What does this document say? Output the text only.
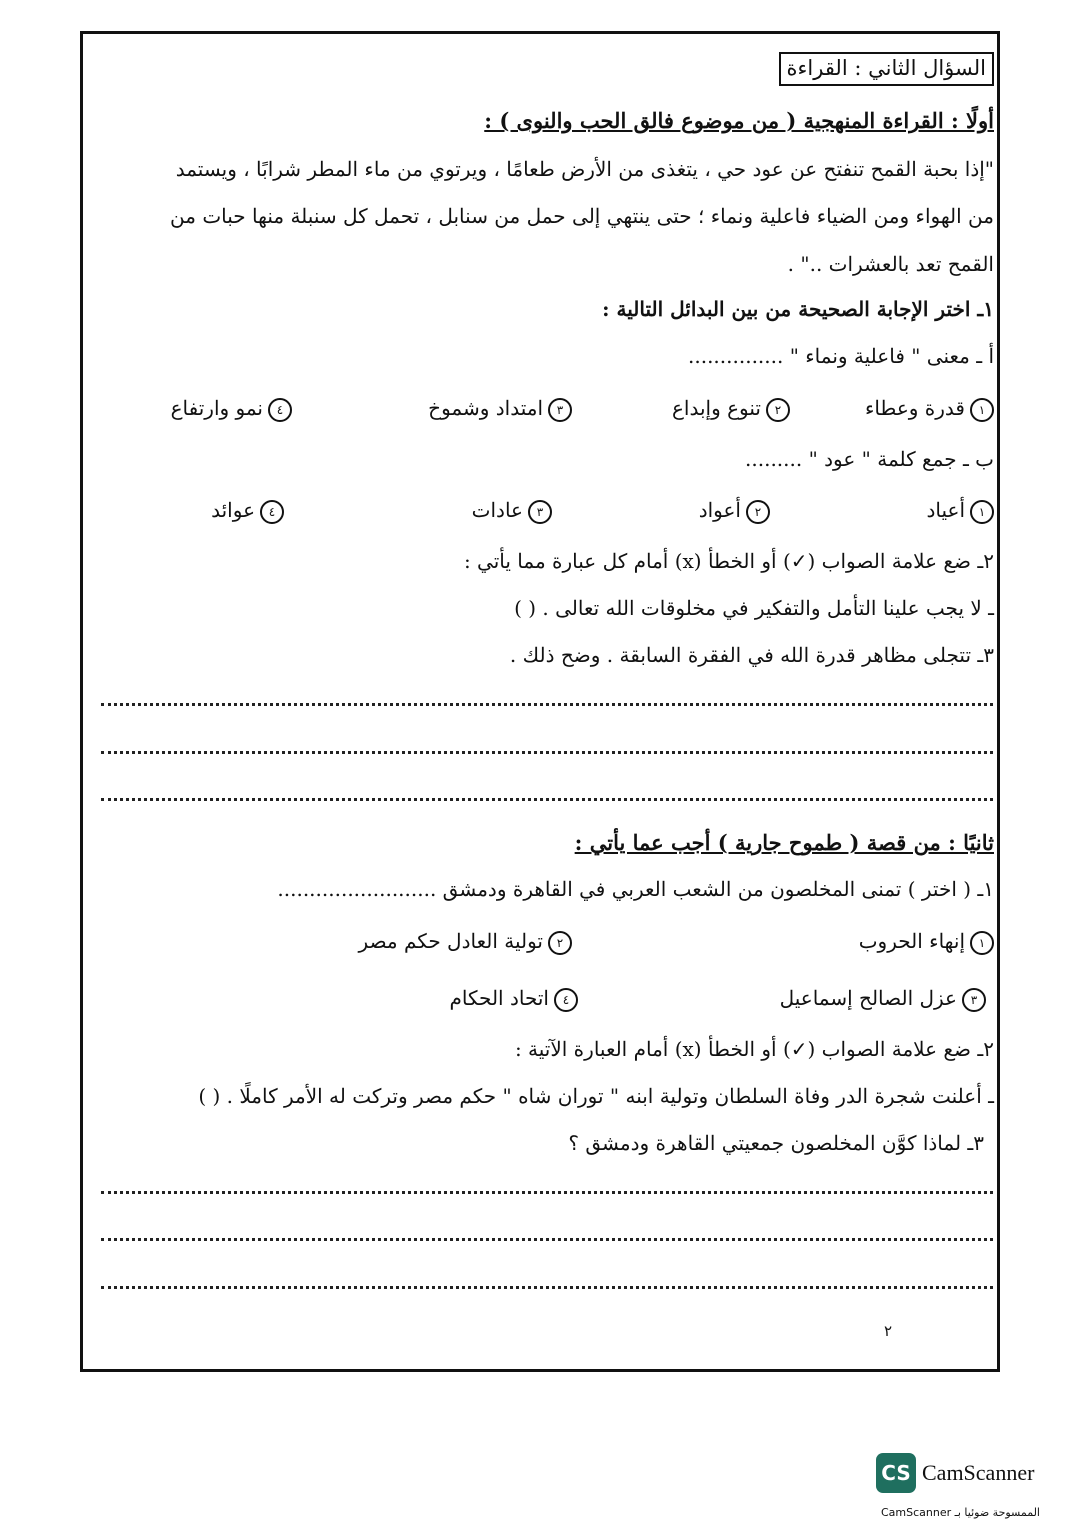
السؤال الثاني : القراءة
أولًا : القراءة المنهجية ( من موضوع فالق الحب والنوى ) :
"إذا بحبة القمح تنفتح عن عود حي ، يتغذى من الأرض طعامًا ، ويرتوي من ماء المطر شرابًا ، ويستمد
من الهواء ومن الضياء فاعلية ونماء ؛ حتى ينتهي إلى حمل من سنابل ، تحمل كل سنبلة منها حبات من
القمح تعد بالعشرات .." .
١ـ اختر الإجابة الصحيحة من بين البدائل التالية :
أ ـ معنى " فاعلية ونماء " ...............
١قدرة وعطاء
٢تنوع وإبداع
٣امتداد وشموخ
٤نمو وارتفاع
ب ـ جمع كلمة " عود " .........
١أعياد
٢أعواد
٣عادات
٤عوائد
٢ـ ضع علامة الصواب (✓) أو الخطأ (x) أمام كل عبارة مما يأتي :
ـ لا يجب علينا التأمل والتفكير في مخلوقات الله تعالى . ( )
٣ـ تتجلى مظاهر قدرة الله في الفقرة السابقة . وضح ذلك .
ثانيًا : من قصة ( طموح جارية ) أجب عما يأتي :
١ـ ( اختر ) تمنى المخلصون من الشعب العربي في القاهرة ودمشق .........................
١إنهاء الحروب
٢تولية العادل حكم مصر
٣عزل الصالح إسماعيل
٤اتحاد الحكام
٢ـ ضع علامة الصواب (✓) أو الخطأ (x) أمام العبارة الآتية :
ـ أعلنت شجرة الدر وفاة السلطان وتولية ابنه " توران شاه " حكم مصر وتركت له الأمر كاملًا . ( )
٣ـ لماذا كوَّن المخلصون جمعيتي القاهرة ودمشق ؟
٢
CS CamScanner
الممسوحة ضوئيا بـ CamScanner
